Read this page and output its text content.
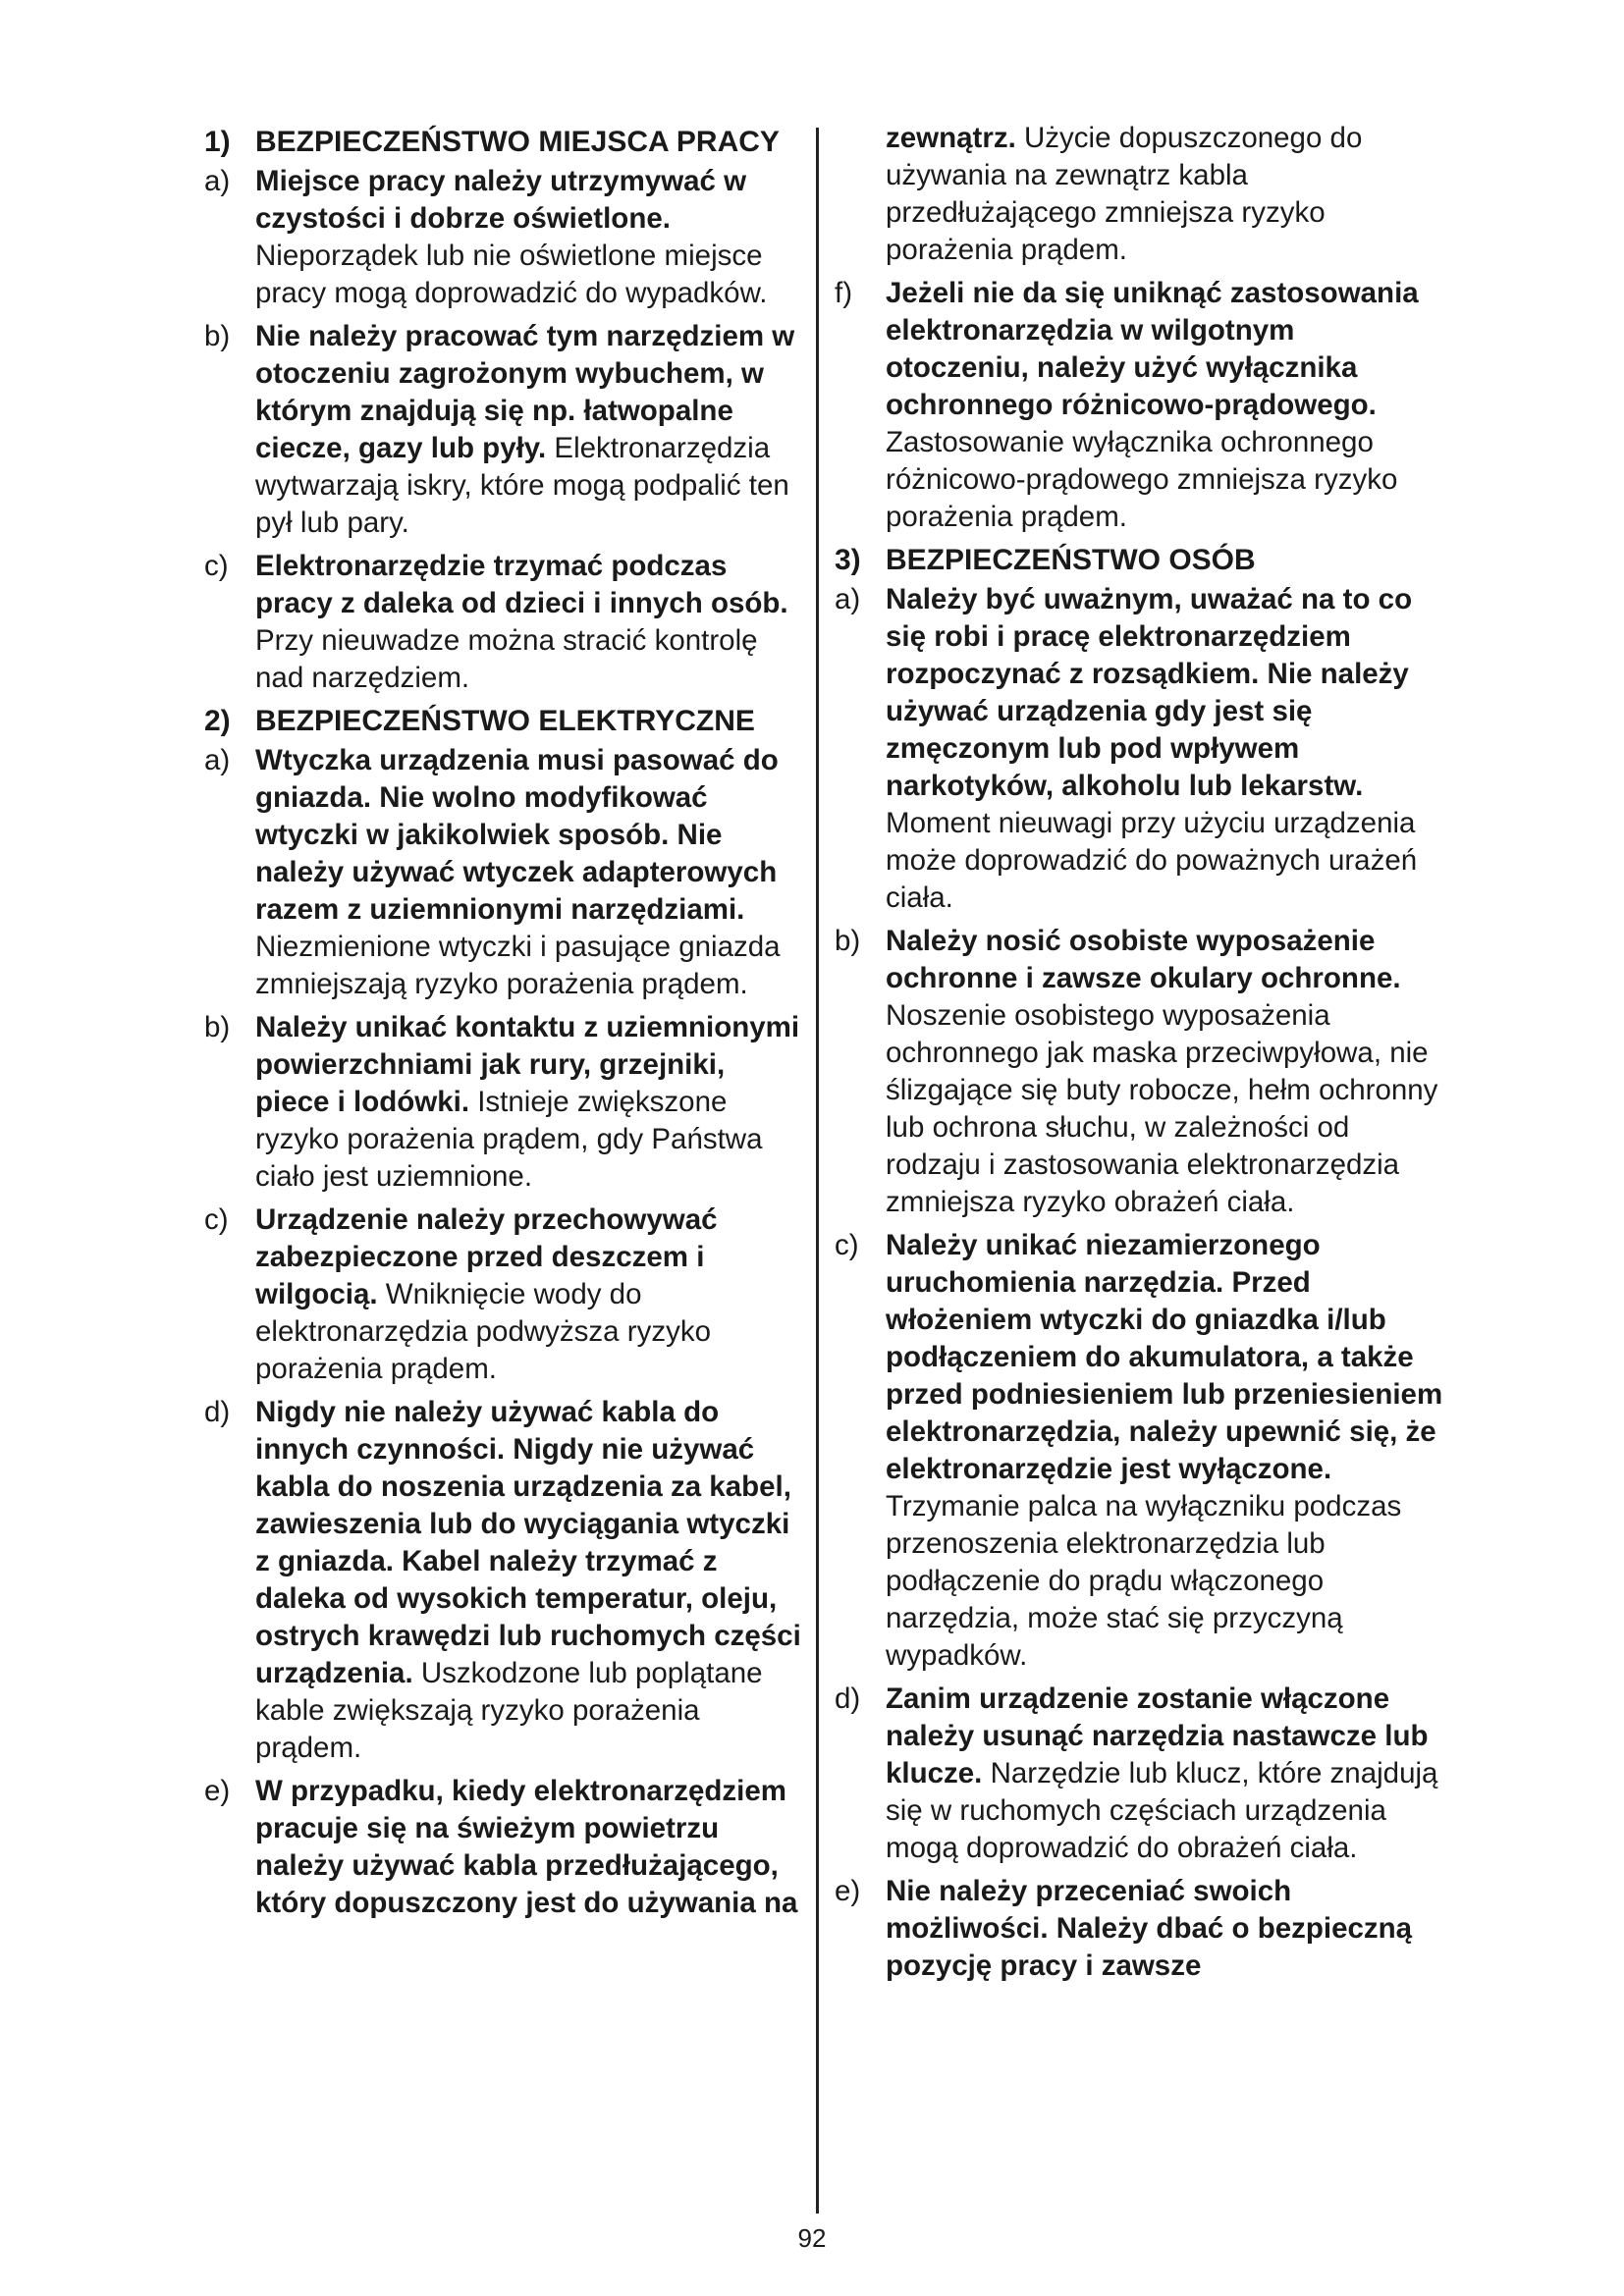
1) BEZPIECZEŃSTWO MIEJSCA PRACY
a) Miejsce pracy należy utrzymywać w czystości i dobrze oświetlone. Nieporządek lub nie oświetlone miejsce pracy mogą doprowadzić do wypadków.
b) Nie należy pracować tym narzędziem w otoczeniu zagrożonym wybuchem, w którym znajdują się np. łatwopalne ciecze, gazy lub pyły. Elektronarzędzia wytwarzają iskry, które mogą podpalić ten pył lub pary.
c) Elektronarzędzie trzymać podczas pracy z daleka od dzieci i innych osób. Przy nieuwadze można stracić kontrolę nad narzędziem.
2) BEZPIECZEŃSTWO ELEKTRYCZNE
a) Wtyczka urządzenia musi pasować do gniazda. Nie wolno modyfikować wtyczki w jakikolwiek sposób. Nie należy używać wtyczek adapterowych razem z uziemnionymi narzędziami. Niezmienione wtyczki i pasujące gniazda zmniejszają ryzyko porażenia prądem.
b) Należy unikać kontaktu z uziemnionymi powierzchniami jak rury, grzejniki, piece i lodówki. Istnieje zwiększone ryzyko porażenia prądem, gdy Państwa ciało jest uziemnione.
c) Urządzenie należy przechowywać zabezpieczone przed deszczem i wilgocią. Wniknięcie wody do elektronarzędzia podwyższa ryzyko porażenia prądem.
d) Nigdy nie należy używać kabla do innych czynności. Nigdy nie używać kabla do noszenia urządzenia za kabel, zawieszenia lub do wyciągania wtyczki z gniazda. Kabel należy trzymać z daleka od wysokich temperatur, oleju, ostrych krawędzi lub ruchomych części urządzenia. Uszkodzone lub poplątane kable zwiększają ryzyko porażenia prądem.
e) W przypadku, kiedy elektronarzędziem pracuje się na świeżym powietrzu należy używać kabla przedłużającego, który dopuszczony jest do używania na
zewnątrz. Użycie dopuszczonego do używania na zewnątrz kabla przedłużającego zmniejsza ryzyko porażenia prądem.
f)	Jeżeli nie da się uniknąć zastosowania elektronarzędzia w wilgotnym otoczeniu, należy użyć wyłącznika ochronnego różnicowo-prądowego. Zastosowanie wyłącznika ochronnego różnicowo-prądowego zmniejsza ryzyko porażenia prądem.
3) BEZPIECZEŃSTWO OSÓB
a) Należy być uważnym, uważać na to co się robi i pracę elektronarzędziem rozpoczynać z rozsądkiem. Nie należy używać urządzenia gdy jest się zmęczonym lub pod wpływem narkotyków, alkoholu lub lekarstw. Moment nieuwagi przy użyciu urządzenia może doprowadzić do poważnych urażeń ciała.
b) Należy nosić osobiste wyposażenie ochronne i zawsze okulary ochronne. Noszenie osobistego wyposażenia ochronnego jak maska przeciwpyłowa, nie ślizgające się buty robocze, hełm ochronny lub ochrona słuchu, w zależności od rodzaju i zastosowania elektronarzędzia zmniejsza ryzyko obrażeń ciała.
c) Należy unikać niezamierzonego uruchomienia narzędzia. Przed włożeniem wtyczki do gniazdka i/lub podłączeniem do akumulatora, a także przed podniesieniem lub przeniesieniem elektronarzędzia, należy upewnić się, że elektronarzędzie jest wyłączone. Trzymanie palca na wyłączniku podczas przenoszenia elektronarzędzia lub podłączenie do prądu włączonego narzędzia, może stać się przyczyną wypadków.
d) Zanim urządzenie zostanie włączone należy usunąć narzędzia nastawcze lub klucze. Narzędzie lub klucz, które znajdują się w ruchomych częściach urządzenia mogą doprowadzić do obrażeń ciała.
e) Nie należy przeceniać swoich możliwości. Należy dbać o bezpieczną pozycję pracy i zawsze
92
